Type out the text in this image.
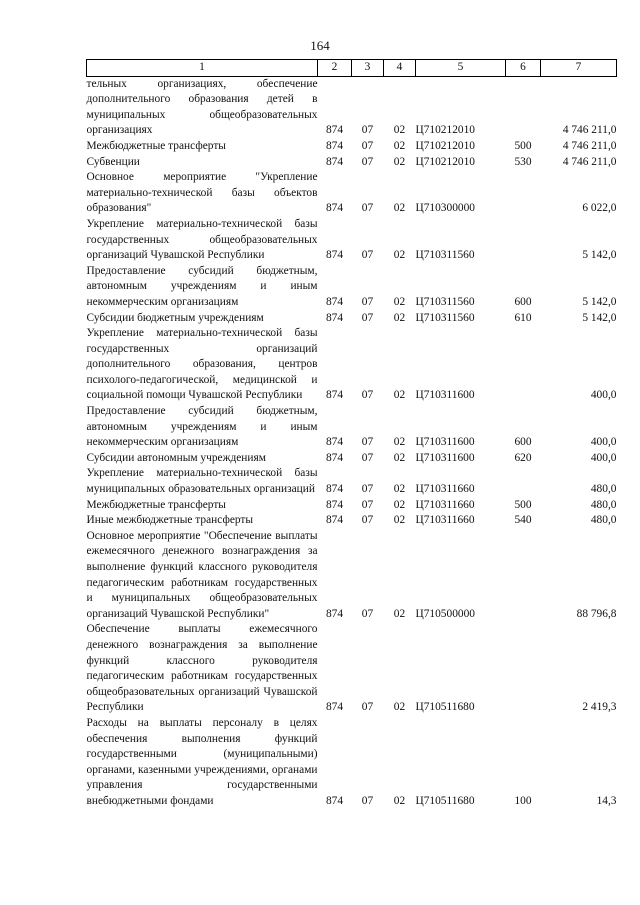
164
1	2	3	4	5	6	7
тельных организациях, обеспечение дополнительного образования детей в муниципальных общеобразовательных организациях	874	07	02	Ц710212010		4 746 211,0
Межбюджетные трансферты	874	07	02	Ц710212010	500	4 746 211,0
Субвенции	874	07	02	Ц710212010	530	4 746 211,0
Основное мероприятие "Укрепление материально-технической базы объектов образования"	874	07	02	Ц710300000		6 022,0
Укрепление материально-технической базы государственных общеобразовательных организаций Чувашской Республики	874	07	02	Ц710311560		5 142,0
Предоставление субсидий бюджетным, автономным учреждениям и иным некоммерческим организациям	874	07	02	Ц710311560	600	5 142,0
Субсидии бюджетным учреждениям	874	07	02	Ц710311560	610	5 142,0
Укрепление материально-технической базы государственных организаций дополнительного образования, центров психолого-педагогической, медицинской и социальной помощи Чувашской Республики	874	07	02	Ц710311600		400,0
Предоставление субсидий бюджетным, автономным учреждениям и иным некоммерческим организациям	874	07	02	Ц710311600	600	400,0
Субсидии автономным учреждениям	874	07	02	Ц710311600	620	400,0
Укрепление материально-технической базы муниципальных образовательных организаций	874	07	02	Ц710311660		480,0
Межбюджетные трансферты	874	07	02	Ц710311660	500	480,0
Иные межбюджетные трансферты	874	07	02	Ц710311660	540	480,0
Основное мероприятие "Обеспечение выплаты ежемесячного денежного вознаграждения за выполнение функций классного руководителя педагогическим работникам государственных и муниципальных общеобразовательных организаций Чувашской Республики"	874	07	02	Ц710500000		88 796,8
Обеспечение выплаты ежемесячного денежного вознаграждения за выполнение функций классного руководителя педагогическим работникам государственных общеобразовательных организаций Чувашской Республики	874	07	02	Ц710511680		2 419,3
Расходы на выплаты персоналу в целях обеспечения выполнения функций государственными (муниципальными) органами, казенными учреждениями, органами управления государственными внебюджетными фондами	874	07	02	Ц710511680	100	14,3
